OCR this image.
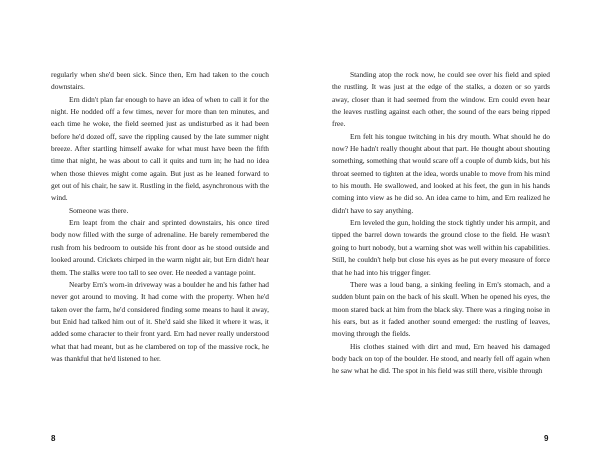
regularly when she'd been sick. Since then, Ern had taken to the couch downstairs.

Ern didn't plan far enough to have an idea of when to call it for the night. He nodded off a few times, never for more than ten minutes, and each time he woke, the field seemed just as undisturbed as it had been before he'd dozed off, save the rippling caused by the late summer night breeze. After startling himself awake for what must have been the fifth time that night, he was about to call it quits and turn in; he had no idea when those thieves might come again. But just as he leaned forward to get out of his chair, he saw it. Rustling in the field, asynchronous with the wind.

Someone was there.

Ern leapt from the chair and sprinted downstairs, his once tired body now filled with the surge of adrenaline. He barely remembered the rush from his bedroom to outside his front door as he stood outside and looked around. Crickets chirped in the warm night air, but Ern didn't hear them. The stalks were too tall to see over. He needed a vantage point.

Nearby Ern's worn-in driveway was a boulder he and his father had never got around to moving. It had come with the property. When he'd taken over the farm, he'd considered finding some means to haul it away, but Enid had talked him out of it. She'd said she liked it where it was, it added some character to their front yard. Ern had never really understood what that had meant, but as he clambered on top of the massive rock, he was thankful that he'd listened to her.

8

Standing atop the rock now, he could see over his field and spied the rustling. It was just at the edge of the stalks, a dozen or so yards away, closer than it had seemed from the window. Ern could even hear the leaves rustling against each other, the sound of the ears being ripped free.

Ern felt his tongue twitching in his dry mouth. What should he do now? He hadn't really thought about that part. He thought about shouting something, something that would scare off a couple of dumb kids, but his throat seemed to tighten at the idea, words unable to move from his mind to his mouth. He swallowed, and looked at his feet, the gun in his hands coming into view as he did so. An idea came to him, and Ern realized he didn't have to say anything.

Ern leveled the gun, holding the stock tightly under his armpit, and tipped the barrel down towards the ground close to the field. He wasn't going to hurt nobody, but a warning shot was well within his capabilities. Still, he couldn't help but close his eyes as he put every measure of force that he had into his trigger finger.

There was a loud bang, a sinking feeling in Ern's stomach, and a sudden blunt pain on the back of his skull. When he opened his eyes, the moon stared back at him from the black sky. There was a ringing noise in his ears, but as it faded another sound emerged: the rustling of leaves, moving through the fields.

His clothes stained with dirt and mud, Ern heaved his damaged body back on top of the boulder. He stood, and nearly fell off again when he saw what he did. The spot in his field was still there, visible through

9
